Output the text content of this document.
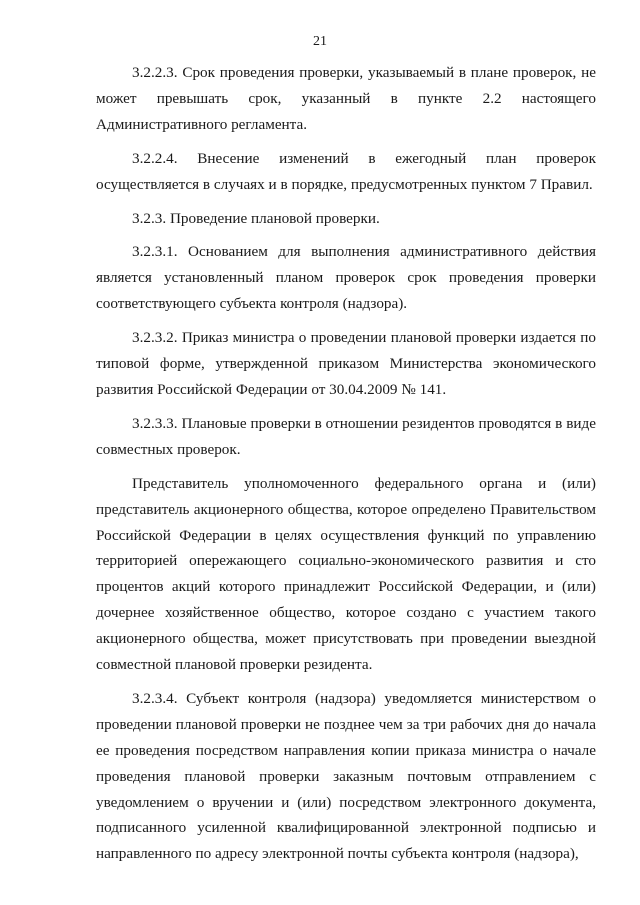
21

3.2.2.3. Срок проведения проверки, указываемый в плане проверок, не может превышать срок, указанный в пункте 2.2 настоящего Административного регламента.

3.2.2.4. Внесение изменений в ежегодный план проверок осуществляется в случаях и в порядке, предусмотренных пунктом 7 Правил.

3.2.3. Проведение плановой проверки.

3.2.3.1. Основанием для выполнения административного действия является установленный планом проверок срок проведения проверки соответствующего субъекта контроля (надзора).

3.2.3.2. Приказ министра о проведении плановой проверки издается по типовой форме, утвержденной приказом Министерства экономического развития Российской Федерации от 30.04.2009 № 141.

3.2.3.3. Плановые проверки в отношении резидентов проводятся в виде совместных проверок.

Представитель уполномоченного федерального органа и (или) представитель акционерного общества, которое определено Правительством Российской Федерации в целях осуществления функций по управлению территорией опережающего социально-экономического развития и сто процентов акций которого принадлежит Российской Федерации, и (или) дочернее хозяйственное общество, которое создано с участием такого акционерного общества, может присутствовать при проведении выездной совместной плановой проверки резидента.

3.2.3.4. Субъект контроля (надзора) уведомляется министерством о проведении плановой проверки не позднее чем за три рабочих дня до начала ее проведения посредством направления копии приказа министра о начале проведения плановой проверки заказным почтовым отправлением с уведомлением о вручении и (или) посредством электронного документа, подписанного усиленной квалифицированной электронной подписью и направленного по адресу электронной почты субъекта контроля (надзора),
